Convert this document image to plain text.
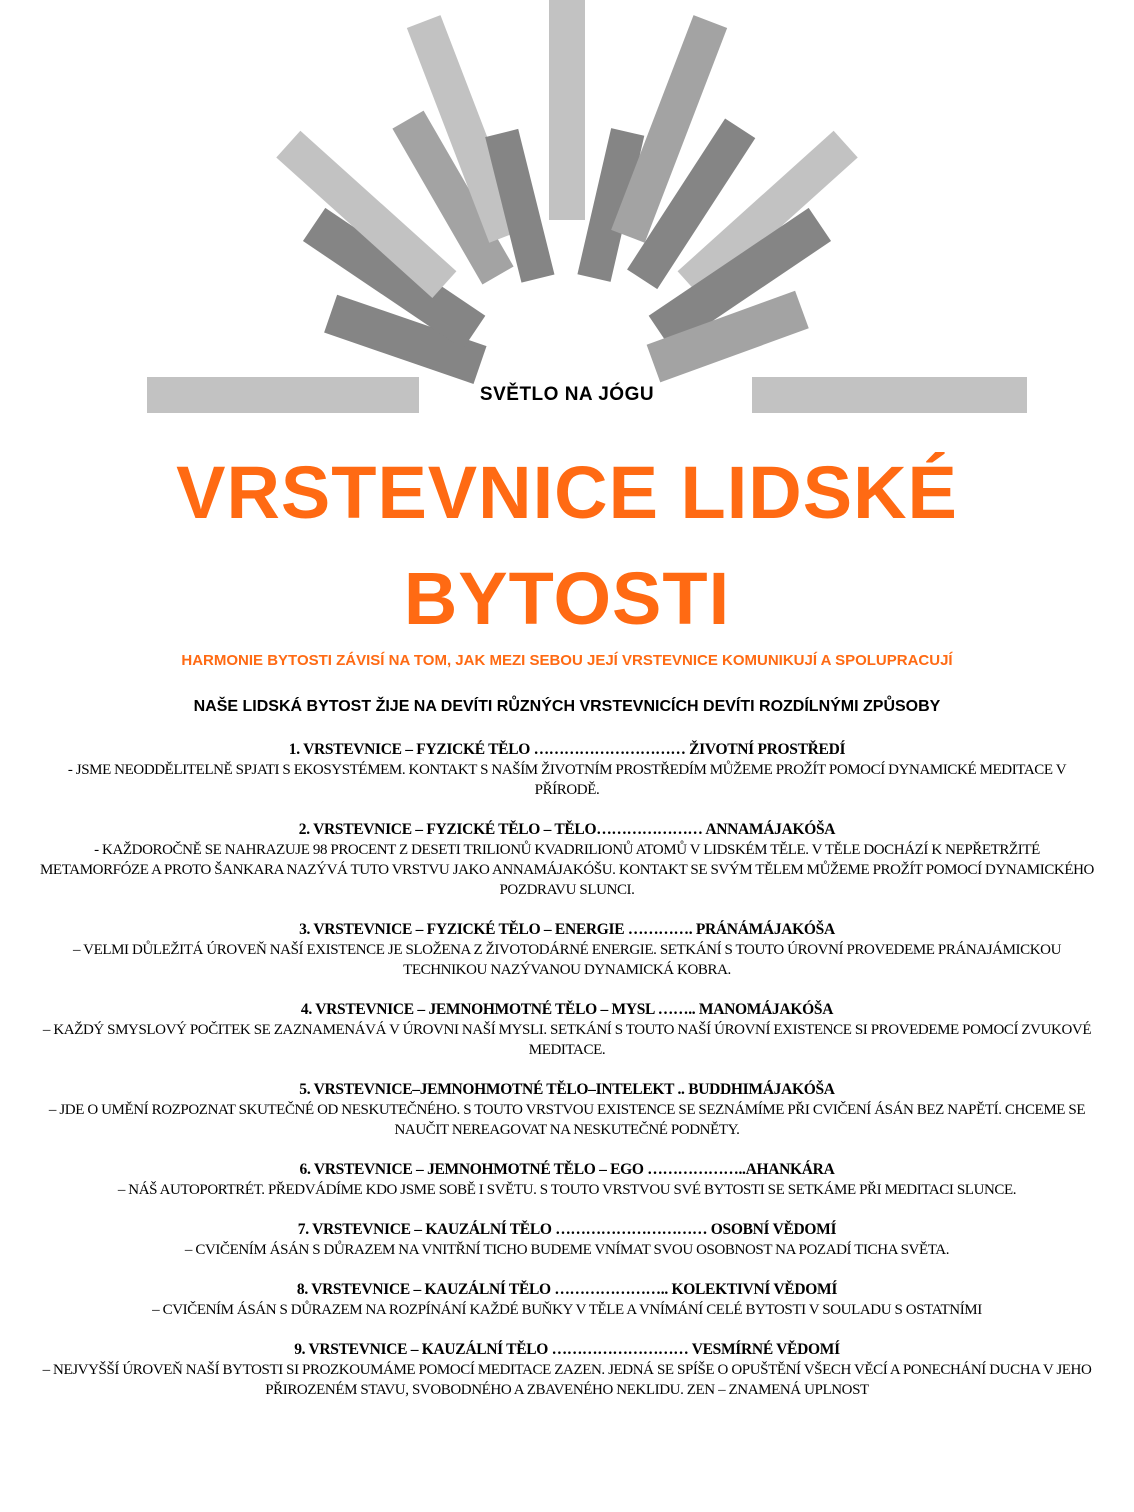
SVĚTLO NA JÓGU
VRSTEVNICE LIDSKÉ
BYTOSTI
HARMONIE BYTOSTI ZÁVISÍ NA TOM, JAK MEZI SEBOU JEJÍ VRSTEVNICE KOMUNIKUJÍ A SPOLUPRACUJÍ
NAŠE LIDSKÁ BYTOST ŽIJE NA DEVÍTI RŮZNÝCH VRSTEVNICÍCH DEVÍTI ROZDÍLNÝMI ZPŮSOBY
1. VRSTEVNICE – FYZICKÉ TĚLO ………………………… ŽIVOTNÍ PROSTŘEDÍ
- JSME NEODDĚLITELNĚ SPJATI S EKOSYSTÉMEM. KONTAKT S NAŠÍM ŽIVOTNÍM PROSTŘEDÍM MŮŽEME PROŽÍT POMOCÍ DYNAMICKÉ MEDITACE V PŘÍRODĚ.
2. VRSTEVNICE – FYZICKÉ TĚLO – TĚLO………………… ANNAMÁJAKÓŠA
- KAŽDOROČNĚ SE NAHRAZUJE 98 PROCENT Z DESETI TRILIONŮ KVADRILIONŮ ATOMŮ V LIDSKÉM TĚLE. V TĚLE DOCHÁZÍ K NEPŘETRŽITÉ METAMORFÓZE A PROTO ŠANKARA NAZÝVÁ TUTO VRSTVU JAKO ANNAMÁJAKÓŠU. KONTAKT SE SVÝM TĚLEM MŮŽEME PROŽÍT POMOCÍ DYNAMICKÉHO POZDRAVU SLUNCI.
3. VRSTEVNICE – FYZICKÉ TĚLO – ENERGIE …………. PRÁNÁMÁJAKÓŠA
– VELMI DŮLEŽITÁ ÚROVEŇ NAŠÍ EXISTENCE JE SLOŽENA Z ŽIVOTODÁRNÉ ENERGIE. SETKÁNÍ S TOUTO ÚROVNÍ PROVEDEME PRÁNAJÁMICKOU TECHNIKOU NAZÝVANOU DYNAMICKÁ KOBRA.
4. VRSTEVNICE – JEMNOHMOTNÉ TĚLO – MYSL …….. MANOMÁJAKÓŠA
– KAŽDÝ SMYSLOVÝ POČITEK SE ZAZNAMENÁVÁ V ÚROVNI NAŠÍ MYSLI. SETKÁNÍ S TOUTO NAŠÍ ÚROVNÍ EXISTENCE SI PROVEDEME POMOCÍ ZVUKOVÉ MEDITACE.
5. VRSTEVNICE–JEMNOHMOTNÉ TĚLO–INTELEKT .. BUDDHIMÁJAKÓŠA
– JDE O UMĚNÍ ROZPOZNAT SKUTEČNÉ OD NESKUTEČNÉHO. S TOUTO VRSTVOU EXISTENCE SE SEZNÁMÍME PŘI CVIČENÍ ÁSÁN BEZ NAPĚTÍ. CHCEME SE NAUČIT NEREAGOVAT NA NESKUTEČNÉ PODNĚTY.
6. VRSTEVNICE – JEMNOHMOTNÉ TĚLO – EGO ………………..AHANKÁRA
– NÁŠ AUTOPORTRÉT. PŘEDVÁDÍME KDO JSME SOBĚ I SVĚTU. S TOUTO VRSTVOU SVÉ BYTOSTI SE SETKÁME PŘI MEDITACI SLUNCE.
7. VRSTEVNICE – KAUZÁLNÍ TĚLO ………………………… OSOBNÍ VĚDOMÍ
– CVIČENÍM ÁSÁN S DŮRAZEM NA VNITŘNÍ TICHO BUDEME VNÍMAT SVOU OSOBNOST NA POZADÍ TICHA SVĚTA.
8. VRSTEVNICE – KAUZÁLNÍ TĚLO ………………….. KOLEKTIVNÍ VĚDOMÍ
– CVIČENÍM ÁSÁN S DŮRAZEM NA ROZPÍNÁNÍ KAŽDÉ BUŇKY V TĚLE A VNÍMÁNÍ CELÉ BYTOSTI V SOULADU S OSTATNÍMI
9. VRSTEVNICE – KAUZÁLNÍ TĚLO ……………………… VESMÍRNÉ VĚDOMÍ
– NEJVYŠŠÍ ÚROVEŇ NAŠÍ BYTOSTI SI PROZKOUMÁME POMOCÍ MEDITACE ZAZEN. JEDNÁ SE SPÍŠE O OPUŠTĚNÍ VŠECH VĚCÍ A PONECHÁNÍ DUCHA V JEHO PŘIROZENÉM STAVU, SVOBODNÉHO A ZBAVENÉHO NEKLIDU. ZEN – ZNAMENÁ UPLNOST
